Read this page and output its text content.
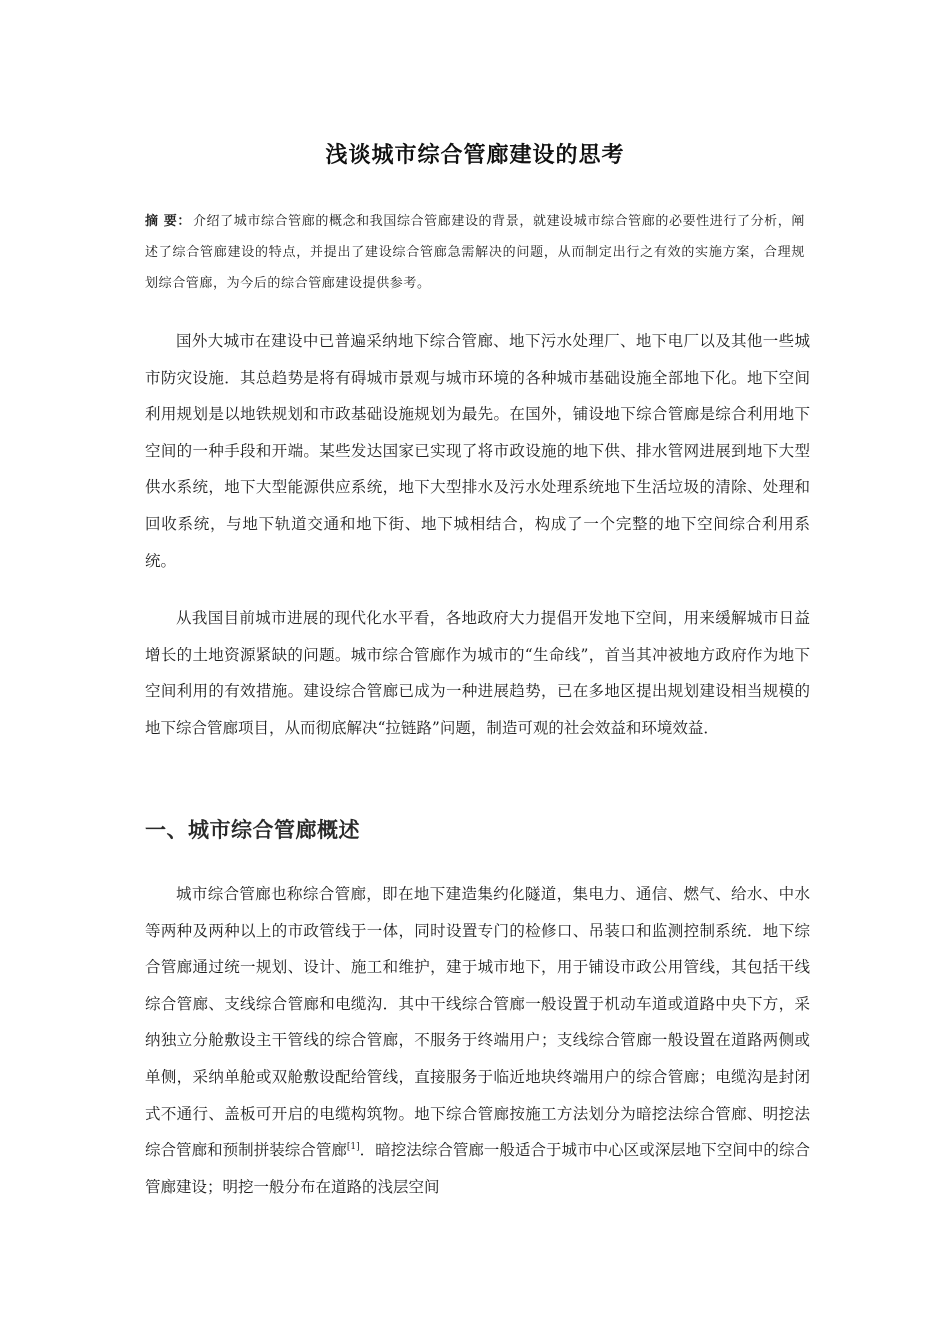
浅谈城市综合管廊建设的思考
摘 要： 介绍了城市综合管廊的概念和我国综合管廊建设的背景，就建设城市综合管廊的必要性进行了分析，阐述了综合管廊建设的特点，并提出了建设综合管廊急需解决的问题，从而制定出行之有效的实施方案，合理规划综合管廊，为今后的综合管廊建设提供参考。
国外大城市在建设中已普遍采纳地下综合管廊、地下污水处理厂、地下电厂以及其他一些城市防灾设施．其总趋势是将有碍城市景观与城市环境的各种城市基础设施全部地下化。地下空间利用规划是以地铁规划和市政基础设施规划为最先。在国外，铺设地下综合管廊是综合利用地下空间的一种手段和开端。某些发达国家已实现了将市政设施的地下供、排水管网进展到地下大型供水系统，地下大型能源供应系统，地下大型排水及污水处理系统地下生活垃圾的清除、处理和回收系统，与地下轨道交通和地下街、地下城相结合，构成了一个完整的地下空间综合利用系统。
从我国目前城市进展的现代化水平看，各地政府大力提倡开发地下空间，用来缓解城市日益增长的土地资源紧缺的问题。城市综合管廊作为城市的“生命线”，首当其冲被地方政府作为地下空间利用的有效措施。建设综合管廊已成为一种进展趋势，已在多地区提出规划建设相当规模的地下综合管廊项目，从而彻底解决“拉链路”问题，制造可观的社会效益和环境效益．
一、城市综合管廊概述
城市综合管廊也称综合管廊，即在地下建造集约化隧道，集电力、通信、燃气、给水、中水等两种及两种以上的市政管线于一体，同时设置专门的检修口、吊装口和监测控制系统．地下综合管廊通过统一规划、设计、施工和维护，建于城市地下，用于铺设市政公用管线，其包括干线综合管廊、支线综合管廊和电缆沟．其中干线综合管廊一般设置于机动车道或道路中央下方，采纳独立分舱敷设主干管线的综合管廊，不服务于终端用户；支线综合管廊一般设置在道路两侧或单侧，采纳单舱或双舱敷设配给管线，直接服务于临近地块终端用户的综合管廊；电缆沟是封闭式不通行、盖板可开启的电缆构筑物。地下综合管廊按施工方法划分为暗挖法综合管廊、明挖法综合管廊和预制拼装综合管廊[1]．暗挖法综合管廊一般适合于城市中心区或深层地下空间中的综合管廊建设；明挖一般分布在道路的浅层空间
